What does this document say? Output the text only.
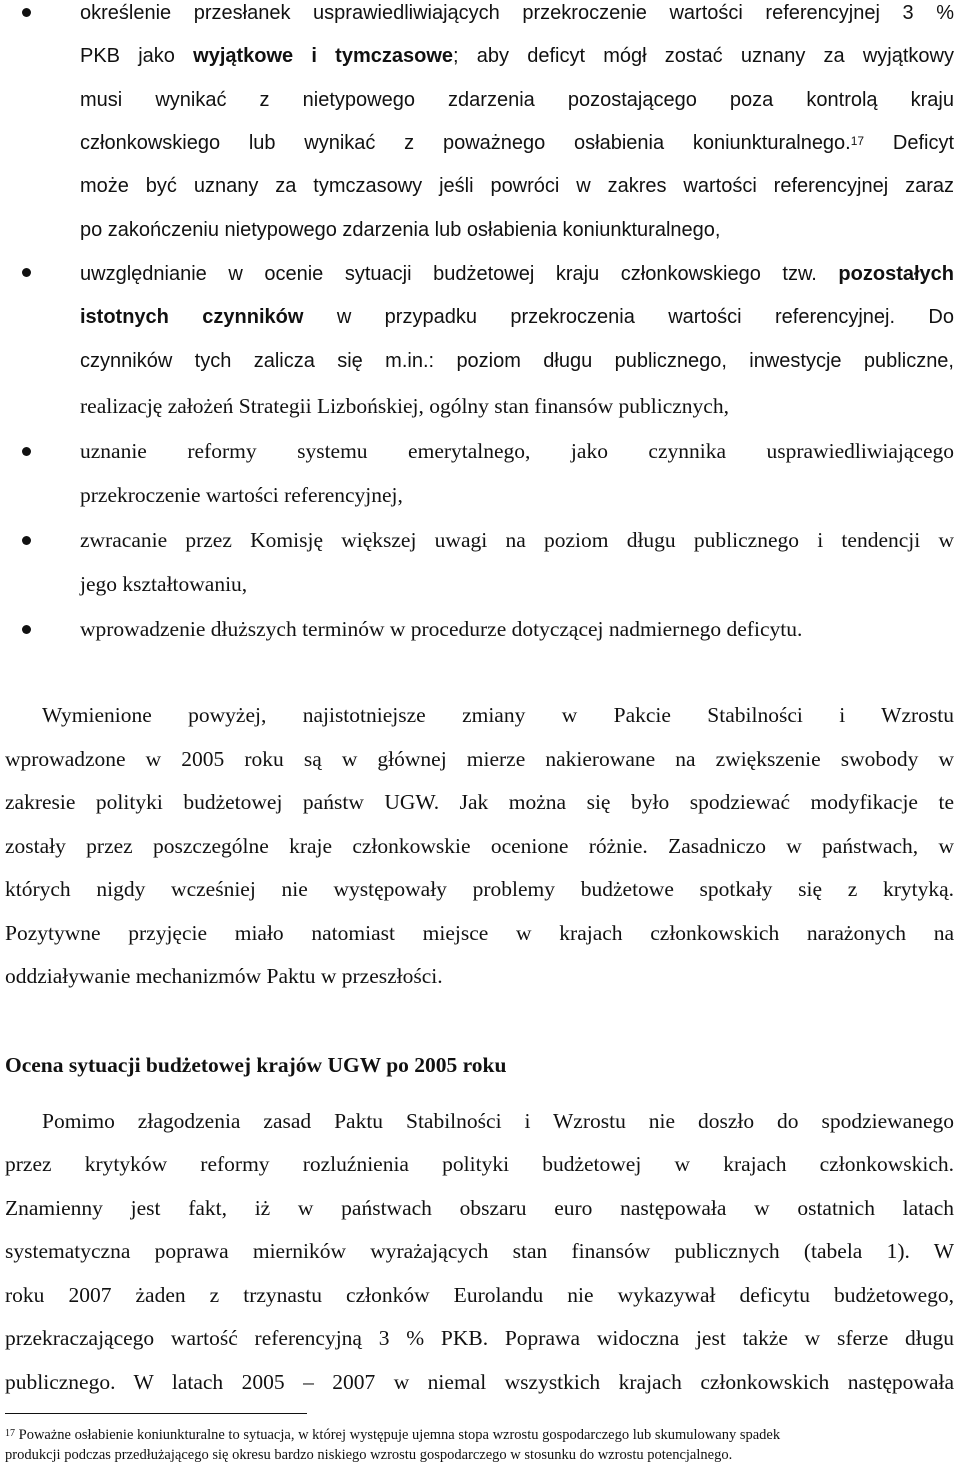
określenie przesłanek usprawiedliwiających przekroczenie wartości referencyjnej 3 %
PKB jako wyjątkowe i tymczasowe; aby deficyt mógł zostać uznany za wyjątkowy
musi wynikać z nietypowego zdarzenia pozostającego poza kontrolą kraju
członkowskiego lub wynikać z poważnego osłabienia koniunkturalnego.$^{17}$ Deficyt
może być uznany za tymczasowy jeśli powróci w zakres wartości referencyjnej zaraz
po zakończeniu nietypowego zdarzenia lub osłabienia koniunkturalnego,
uwzględnianie w ocenie sytuacji budżetowej kraju członkowskiego tzw. pozostałych
istotnych czynników w przypadku przekroczenia wartości referencyjnej. Do
czynników tych zalicza się m.in.: poziom długu publicznego, inwestycje publiczne,
realizację założeń Strategii Lizbońskiej, ogólny stan finansów publicznych,
uznanie reformy systemu emerytalnego, jako czynnika usprawiedliwiającego
przekroczenie wartości referencyjnej,
zwracanie przez Komisję większej uwagi na poziom długu publicznego i tendencji w
jego kształtowaniu,
wprowadzenie dłuższych terminów w procedurze dotyczącej nadmiernego deficytu.
Wymienione powyżej, najistotniejsze zmiany w Pakcie Stabilności i Wzrostu
wprowadzone w 2005 roku są w głównej mierze nakierowane na zwiększenie swobody w
zakresie polityki budżetowej państw UGW. Jak można się było spodziewać modyfikacje te
zostały przez poszczególne kraje członkowskie ocenione różnie. Zasadniczo w państwach, w
których nigdy wcześniej nie występowały problemy budżetowe spotkały się z krytyką.
Pozytywne przyjęcie miało natomiast miejsce w krajach członkowskich narażonych na
oddziaływanie mechanizmów Paktu w przeszłości.
Ocena sytuacji budżetowej krajów UGW po 2005 roku
Pomimo złagodzenia zasad Paktu Stabilności i Wzrostu nie doszło do spodziewanego
przez krytyków reformy rozluźnienia polityki budżetowej w krajach członkowskich.
Znamienny jest fakt, iż w państwach obszaru euro następowała w ostatnich latach
systematyczna poprawa mierników wyrażających stan finansów publicznych (tabela 1). W
roku 2007 żaden z trzynastu członków Eurolandu nie wykazywał deficytu budżetowego,
przekraczającego wartość referencyjną 3 % PKB. Poprawa widoczna jest także w sferze długu
publicznego. W latach 2005 – 2007 w niemal wszystkich krajach członkowskich następowała
$^{17}$ Poważne osłabienie koniunkturalne to sytuacja, w której występuje ujemna stopa wzrostu gospodarczego lub skumulowany spadek
produkcji podczas przedłużającego się okresu bardzo niskiego wzrostu gospodarczego w stosunku do wzrostu potencjalnego.
